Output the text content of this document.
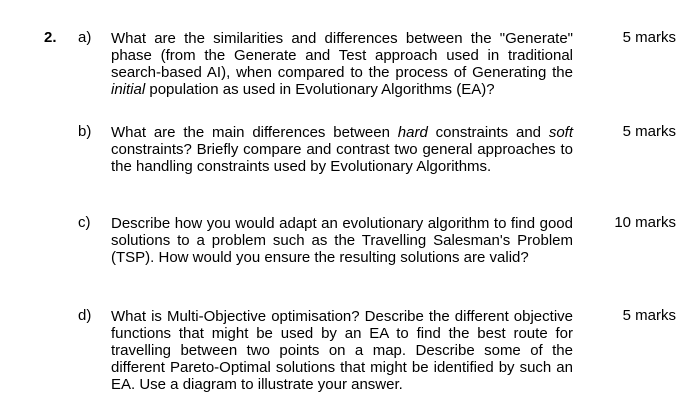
2. a) What are the similarities and differences between the "Generate" phase (from the Generate and Test approach used in traditional search-based AI), when compared to the process of Generating the initial population as used in Evolutionary Algorithms (EA)?
5 marks
b) What are the main differences between hard constraints and soft constraints? Briefly compare and contrast two general approaches to the handling constraints used by Evolutionary Algorithms.
5 marks
c) Describe how you would adapt an evolutionary algorithm to find good solutions to a problem such as the Travelling Salesman's Problem (TSP). How would you ensure the resulting solutions are valid?
10 marks
d) What is Multi-Objective optimisation? Describe the different objective functions that might be used by an EA to find the best route for travelling between two points on a map. Describe some of the different Pareto-Optimal solutions that might be identified by such an EA. Use a diagram to illustrate your answer.
5 marks
